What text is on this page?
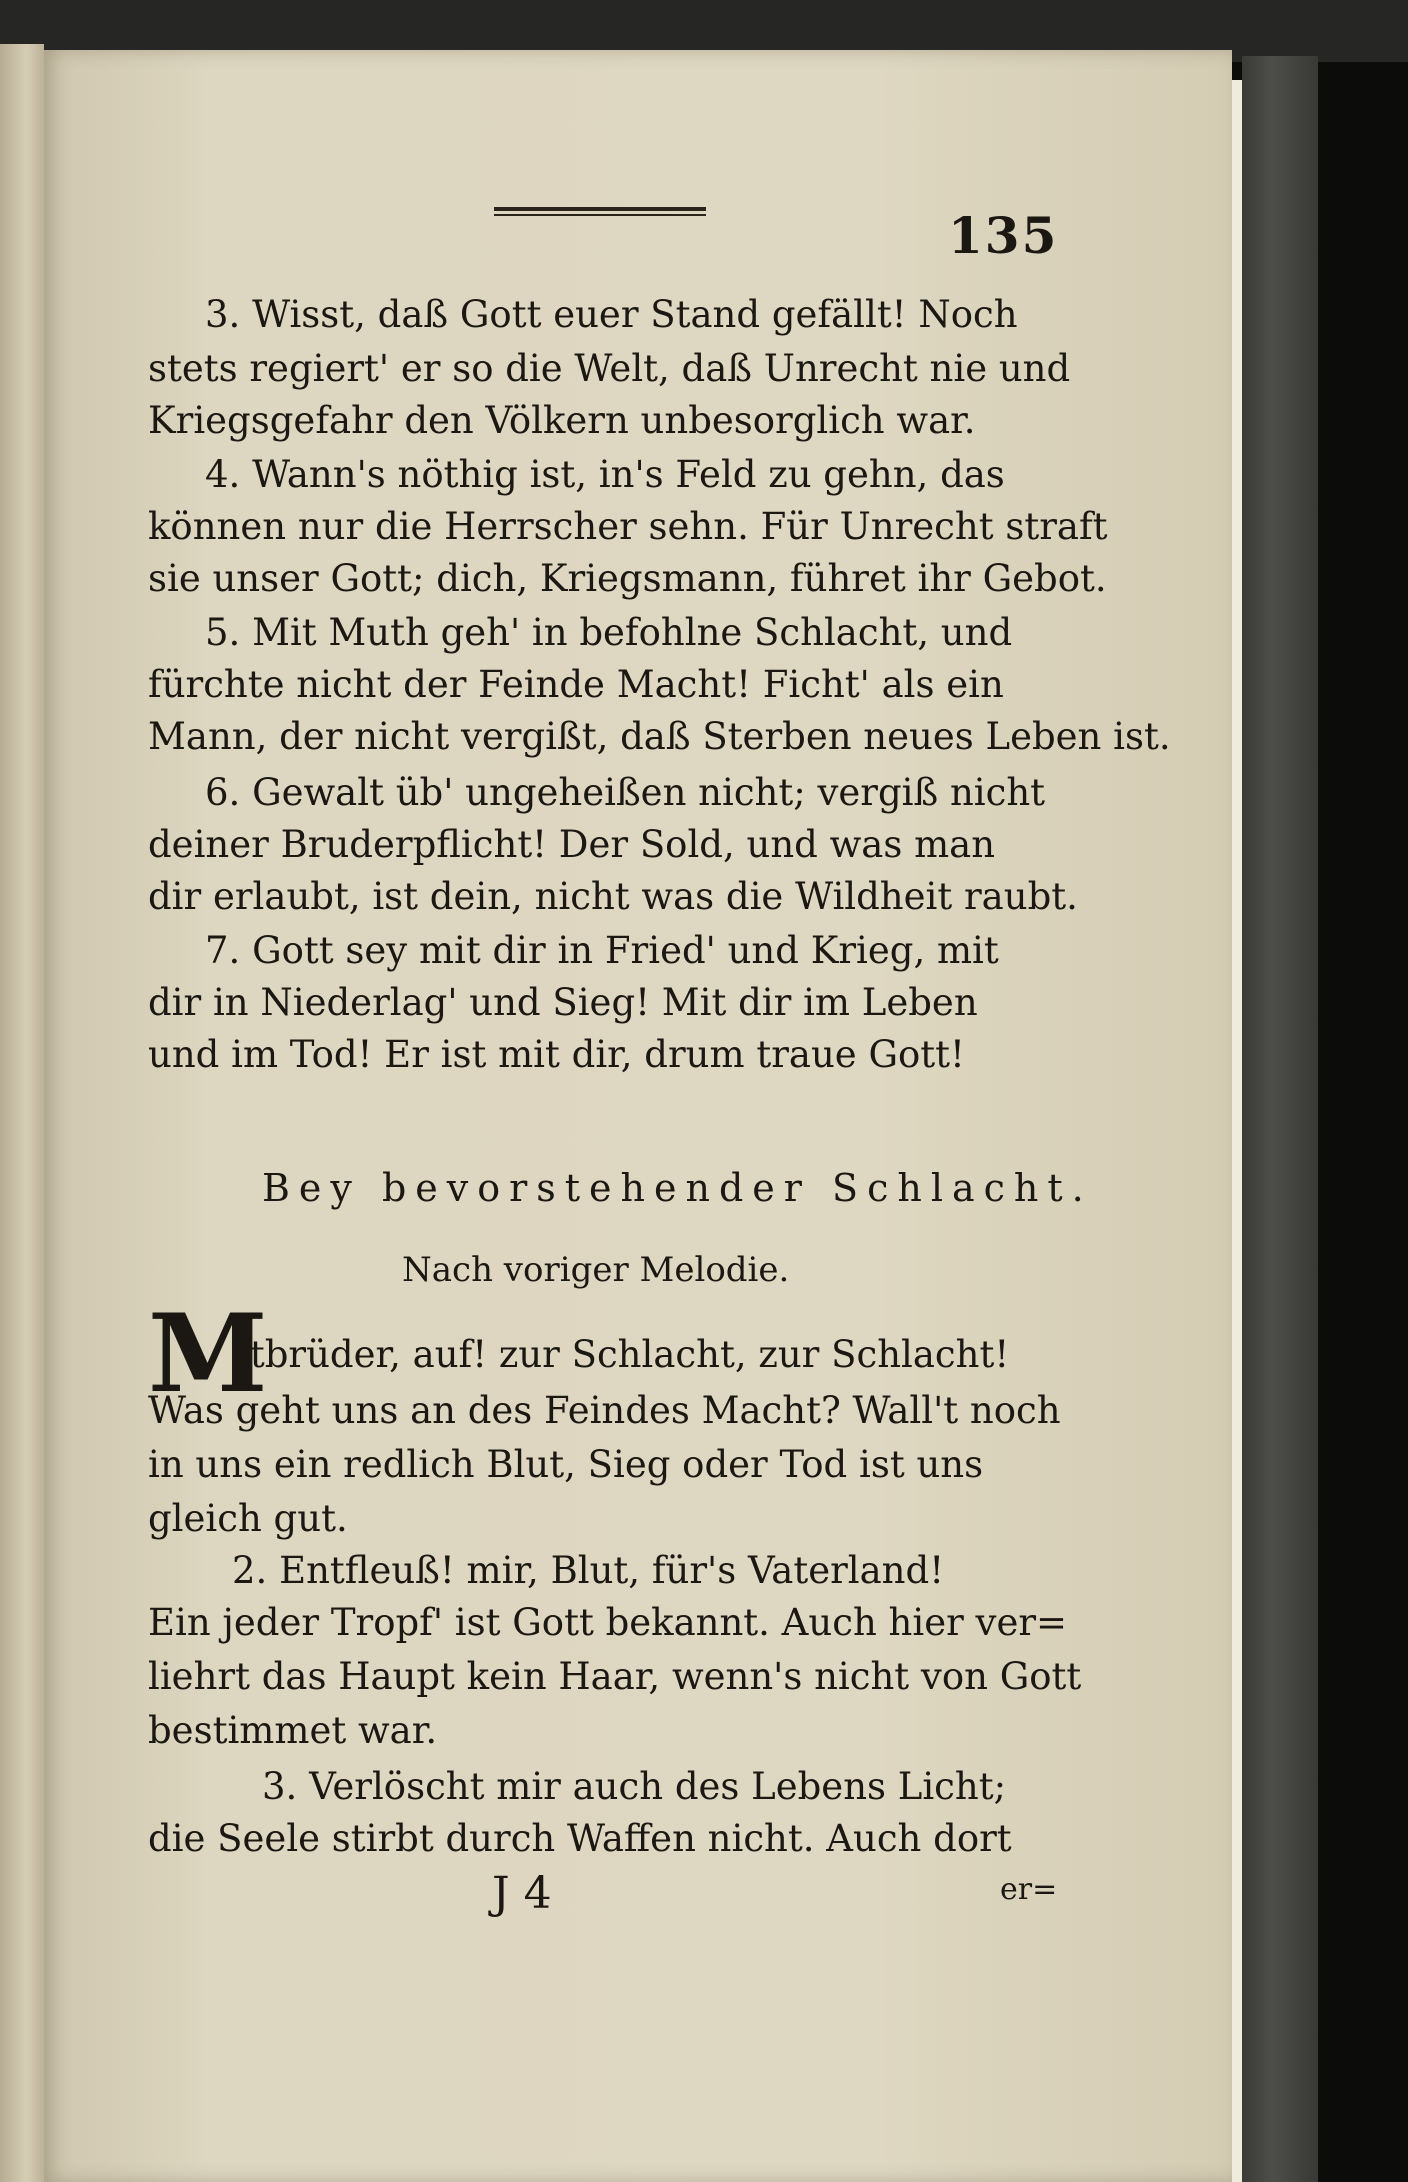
135

3. Wisst, daß Gott euer Stand gefällt! Noch

stets regiert' er so die Welt, daß Unrecht nie und

Kriegsgefahr den Völkern unbesorglich war.

4. Wann's nöthig ist, in's Feld zu gehn, das

können nur die Herrscher sehn. Für Unrecht straft

sie unser Gott; dich, Kriegsmann, führet ihr Gebot.

5. Mit Muth geh' in befohlne Schlacht, und

fürchte nicht der Feinde Macht! Ficht' als ein

Mann, der nicht vergißt, daß Sterben neues Leben ist.

6. Gewalt üb' ungeheißen nicht; vergiß nicht

deiner Bruderpflicht! Der Sold, und was man

dir erlaubt, ist dein, nicht was die Wildheit raubt.

7. Gott sey mit dir in Fried' und Krieg, mit

dir in Niederlag' und Sieg! Mit dir im Leben

und im Tod! Er ist mit dir, drum traue Gott!

Bey bevorstehender Schlacht.

Nach voriger Melodie.

M

itbrüder, auf! zur Schlacht, zur Schlacht!

Was geht uns an des Feindes Macht? Wall't noch

in uns ein redlich Blut, Sieg oder Tod ist uns

gleich gut.

2. Entfleuß! mir, Blut, für's Vaterland!

Ein jeder Tropf' ist Gott bekannt. Auch hier ver=

liehrt das Haupt kein Haar, wenn's nicht von Gott

bestimmet war.

3. Verlöscht mir auch des Lebens Licht;

die Seele stirbt durch Waffen nicht. Auch dort

J 4	er=
